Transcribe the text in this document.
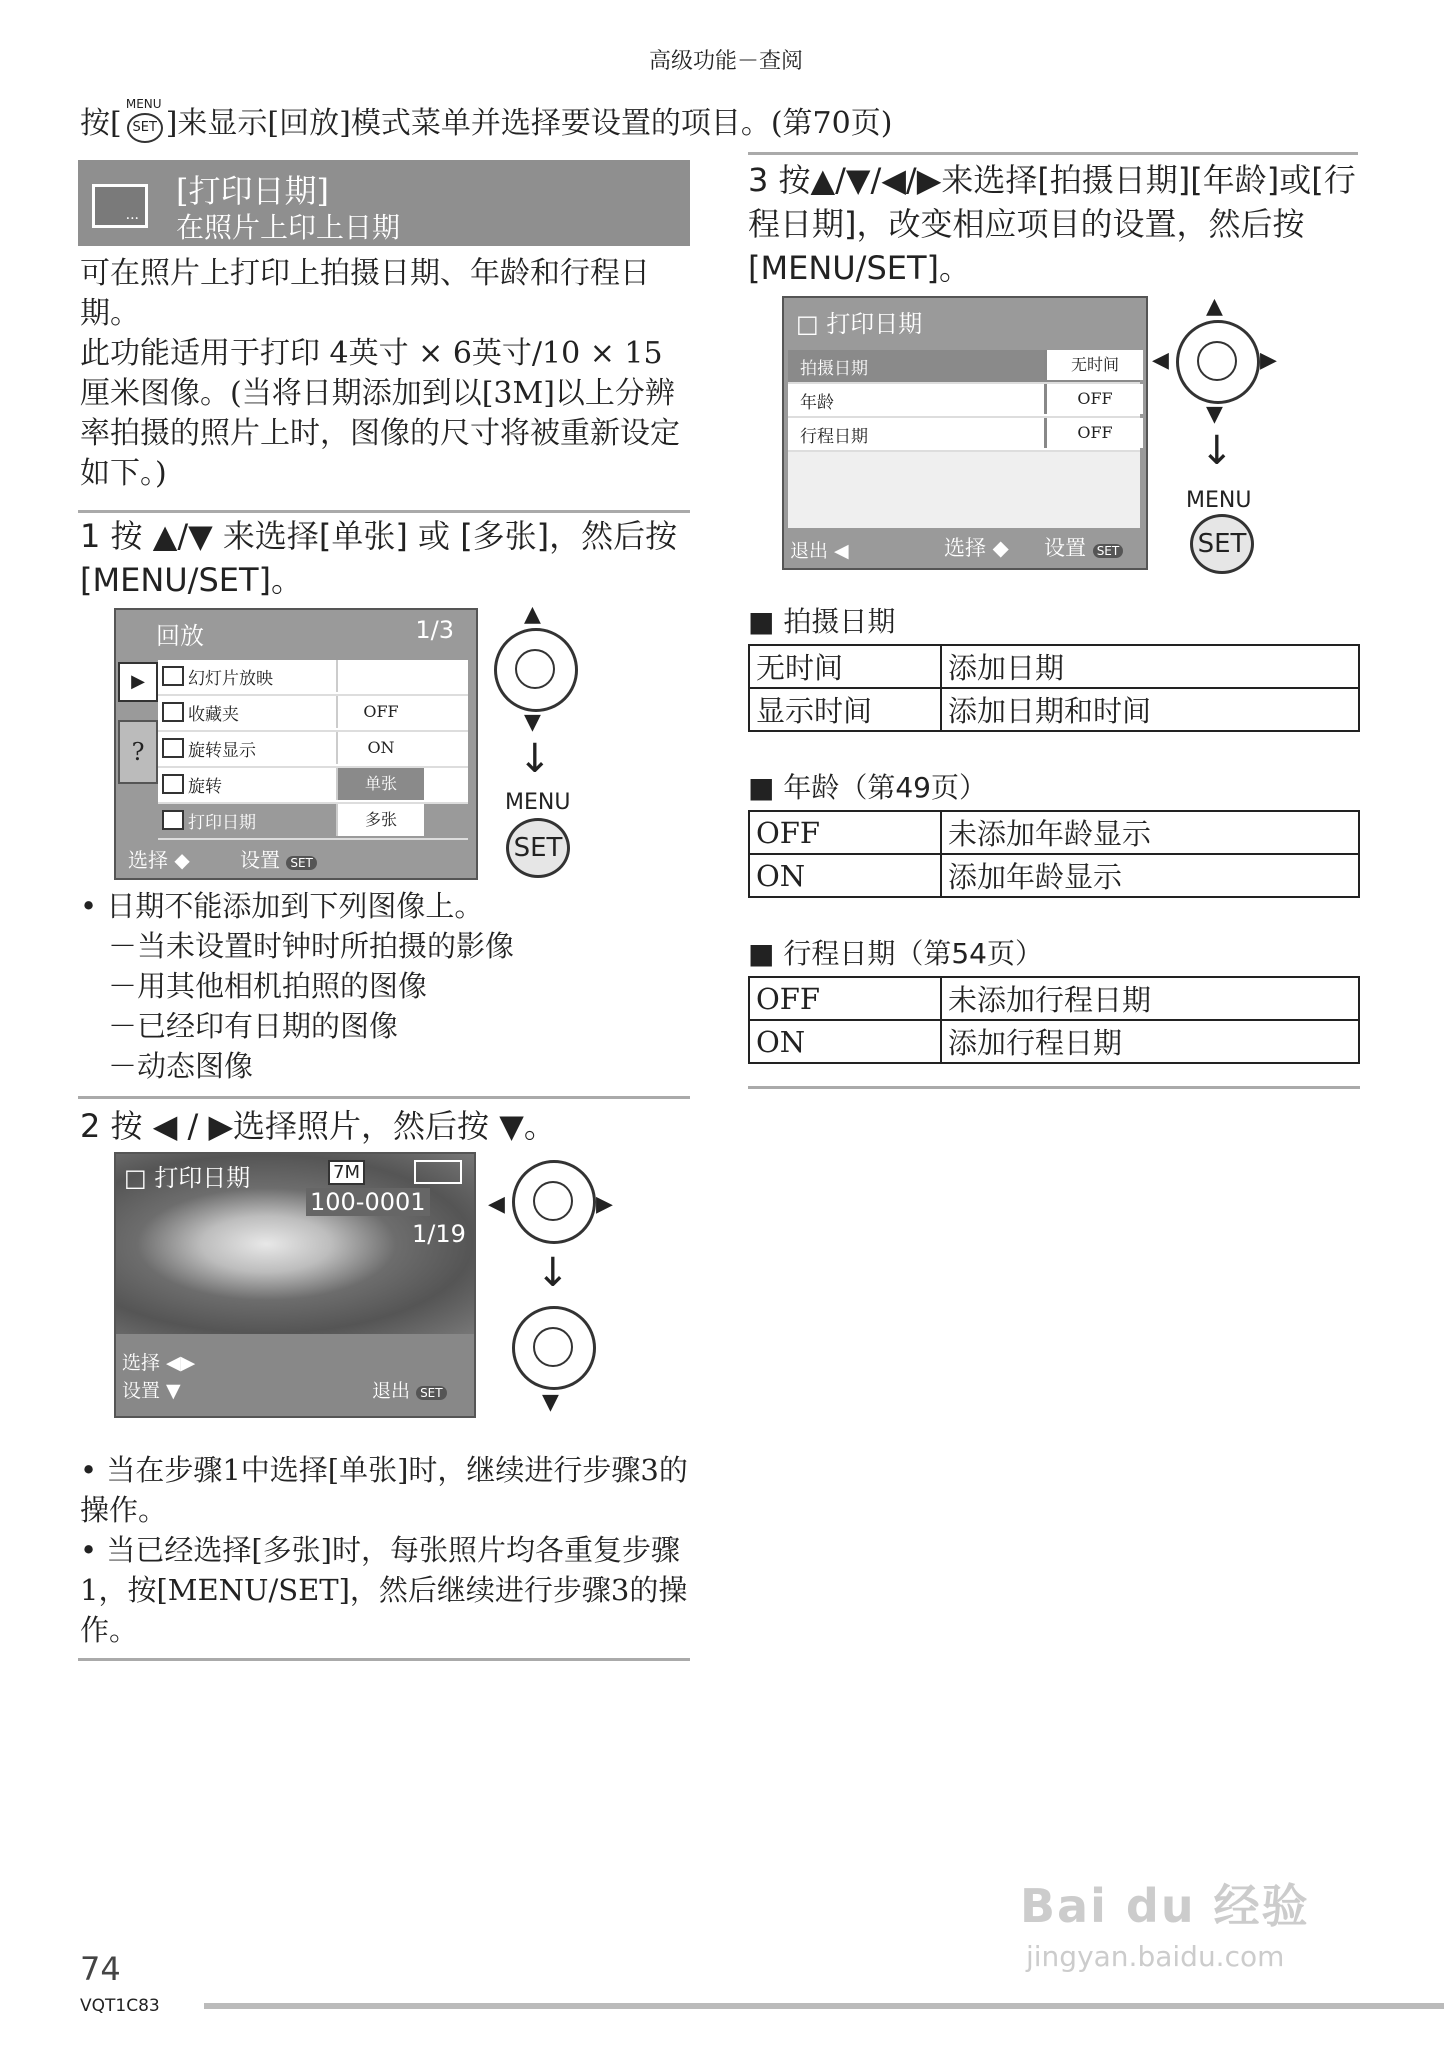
高级功能－查阅
按[
MENU
SET ]来显示[回放]模式菜单并选择要设置的项目。(第70页)
...
[打印日期]
在照片上印上日期
可在照片上打印上拍摄日期、年龄和行程日期。
此功能适用于打印 4英寸 × 6英寸/10 × 15厘米图像。(当将日期添加到以[3M]以上分辨率拍摄的照片上时，图像的尺寸将被重新设定如下。)
1 按 ▲/▼ 来选择[单张] 或 [多张]，然后按[MENU/SET]。
回放	1/3
▶
?
幻灯片放映
收藏夹	OFF
旋转显示	ON
旋转	单张
打印日期	多张
选择 ◆	设置 SET
▲
▼
↓
MENU
SET
• 日期不能添加到下列图像上。
－当未设置时钟时所拍摄的影像
－用其他相机拍照的图像
－已经印有日期的图像
－动态图像
2 按 ◀ / ▶选择照片，然后按 ▼。
□ 打印日期	7M
100-0001
1/19
选择 ◀▶
设置 ▼	退出 SET
◀	▶
↓
▼
• 当在步骤1中选择[单张]时，继续进行步骤3的操作。
• 当已经选择[多张]时，每张照片均各重复步骤1，按[MENU/SET]，然后继续进行步骤3的操作。
3 按▲/▼/◀/▶来选择[拍摄日期][年龄]或[行程日期]，改变相应项目的设置，然后按[MENU/SET]。
□ 打印日期
拍摄日期	无时间
年龄	OFF
行程日期	OFF
退出 ◀	选择 ◆ 设置 SET
▲
◀	▶
▼
↓
MENU
SET
■ 拍摄日期
无时间	添加日期
显示时间	添加日期和时间
■ 年龄（第49页）
OFF	未添加年龄显示
ON	添加年龄显示
■ 行程日期（第54页）
OFF	未添加行程日期
ON	添加行程日期
74
VQT1C83
Bai du 经验
jingyan.baidu.com
